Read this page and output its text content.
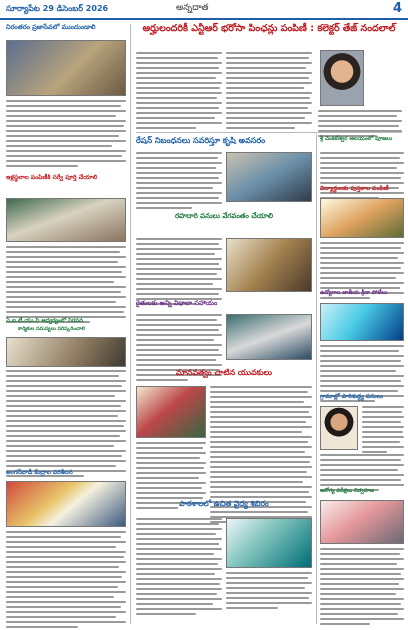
సూర్యాపేట 29 డిసెంబర్ 2026	అన్నదాత	4
నిరంతరం ప్రజాసేవలో ముందుండాలి
ఇళ్లస్థలాల పంపిణీకి సర్వే పూర్తి చేయాలి
ఏ.ఐ.టీ.యు.సి ఆధ్వర్యంలో నిరసన
కార్మికుల సమస్యలు పరిష్కరించాలి
అంగన్‌వాడీ కేంద్రాల పరిశీలన
అర్హులందరికీ ఎన్టీఆర్ భరోసా పింఛన్లు పంపిణీ : కలెక్టర్ తేజ్ నందలాల్
రేషన్ నిబంధనలు సవరిస్తూ కృషి అవసరం
రహదారి పనులు వేగవంతం చేయాలి
రైతులకు అన్ని విధాలా సహాయం
మానవత్వం చాటిన యువకులు
పాఠశాలలో ఉచిత వైద్య శిబిరం
శ్రీ వెంకటేశ్వర ఆలయంలో పూజలు
విద్యార్థులకు పుస్తకాల పంపిణీ
ఉద్యోగాల జాతీయ క్రీడా పోటీలు
గ్రామాల్లో పారిశుద్ధ్య పనులు
ఆరోగ్య పరీక్షలు నిర్వహణ
